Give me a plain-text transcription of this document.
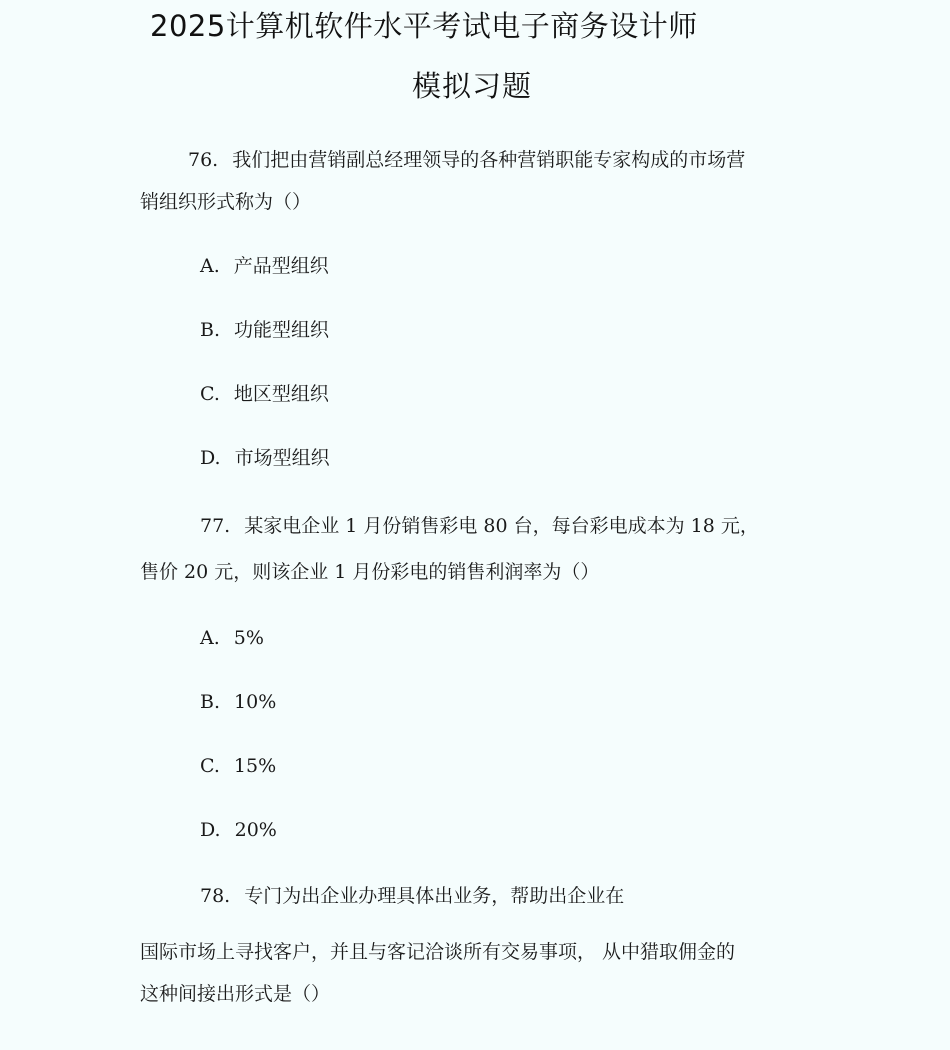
2025计算机软件水平考试电子商务设计师
模拟习题
76. 我们把由营销副总经理领导的各种营销职能专家构成的市场营
销组织形式称为（）
A. 产品型组织
B. 功能型组织
C. 地区型组织
D. 市场型组织
77. 某家电企业 1 月份销售彩电 80 台，每台彩电成本为 18 元，
售价 20 元，则该企业 1 月份彩电的销售利润率为（）
A. 5%
B. 10%
C. 15%
D. 20%
78. 专门为出企业办理具体出业务，帮助出企业在
国际市场上寻找客户，并且与客记洽谈所有交易事项， 从中猎取佣金的
这种间接出形式是（）
